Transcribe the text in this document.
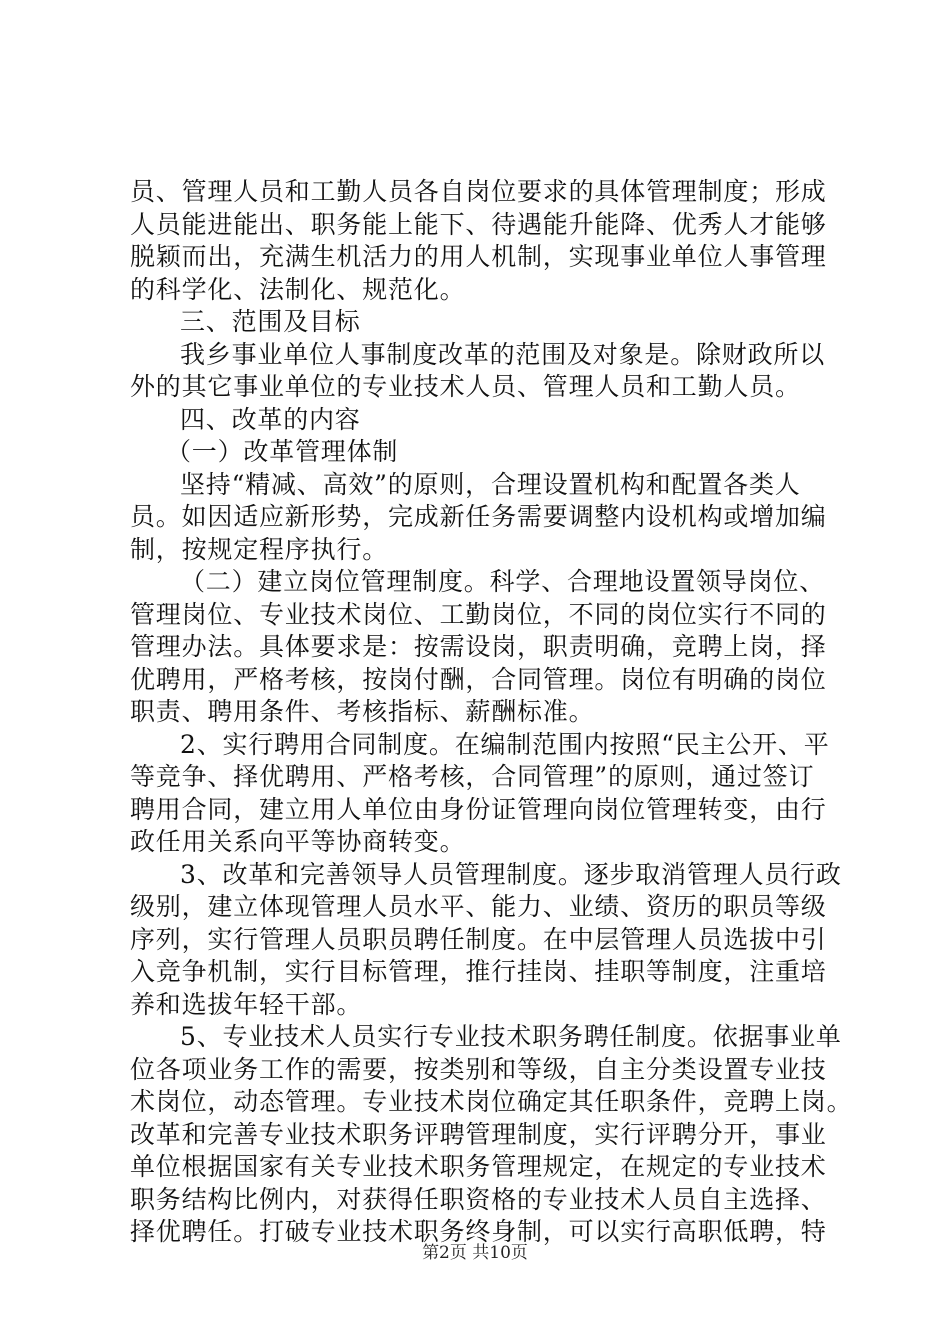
员、管理人员和工勤人员各自岗位要求的具体管理制度；形成
人员能进能出、职务能上能下、待遇能升能降、优秀人才能够
脱颖而出，充满生机活力的用人机制，实现事业单位人事管理
的科学化、法制化、规范化。
三、范围及目标
我乡事业单位人事制度改革的范围及对象是。除财政所以
外的其它事业单位的专业技术人员、管理人员和工勤人员。
四、改革的内容
（一）改革管理体制
坚持“精减、高效”的原则，合理设置机构和配置各类人
员。如因适应新形势，完成新任务需要调整内设机构或增加编
制，按规定程序执行。
（二）建立岗位管理制度。科学、合理地设置领导岗位、
管理岗位、专业技术岗位、工勤岗位，不同的岗位实行不同的
管理办法。具体要求是：按需设岗，职责明确，竞聘上岗，择
优聘用，严格考核，按岗付酬，合同管理。岗位有明确的岗位
职责、聘用条件、考核指标、薪酬标准。
2、实行聘用合同制度。在编制范围内按照“民主公开、平
等竞争、择优聘用、严格考核，合同管理”的原则，通过签订
聘用合同，建立用人单位由身份证管理向岗位管理转变，由行
政任用关系向平等协商转变。
3、改革和完善领导人员管理制度。逐步取消管理人员行政
级别，建立体现管理人员水平、能力、业绩、资历的职员等级
序列，实行管理人员职员聘任制度。在中层管理人员选拔中引
入竞争机制，实行目标管理，推行挂岗、挂职等制度，注重培
养和选拔年轻干部。
5、专业技术人员实行专业技术职务聘任制度。依据事业单
位各项业务工作的需要，按类别和等级，自主分类设置专业技
术岗位，动态管理。专业技术岗位确定其任职条件，竞聘上岗。
改革和完善专业技术职务评聘管理制度，实行评聘分开，事业
单位根据国家有关专业技术职务管理规定，在规定的专业技术
职务结构比例内，对获得任职资格的专业技术人员自主选择、
择优聘任。打破专业技术职务终身制，可以实行高职低聘，特
第2页 共10页
